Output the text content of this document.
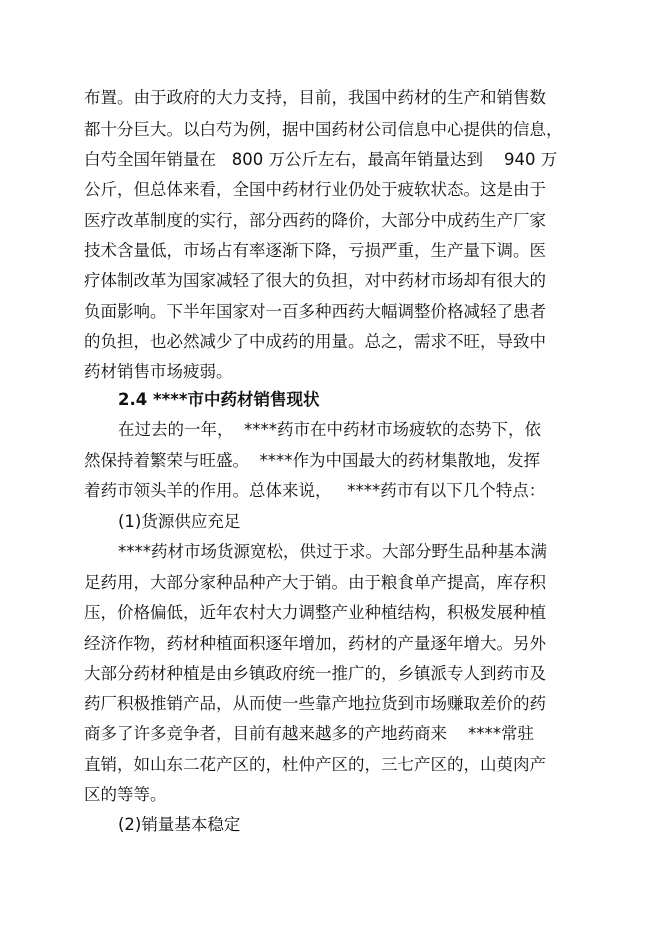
布置。由于政府的大力支持，目前，我国中药材的生产和销售数
都十分巨大。以白芍为例，据中国药材公司信息中心提供的信息，
白芍全国年销量在   800 万公斤左右，最高年销量达到    940 万
公斤，但总体来看，全国中药材行业仍处于疲软状态。这是由于
医疗改革制度的实行，部分西药的降价，大部分中成药生产厂家
技术含量低，市场占有率逐渐下降，亏损严重，生产量下调。医
疗体制改革为国家减轻了很大的负担，对中药材市场却有很大的
负面影响。下半年国家对一百多种西药大幅调整价格减轻了患者
的负担，也必然减少了中成药的用量。总之，需求不旺，导致中
药材销售市场疲弱。
2.4 ****市中药材销售现状
在过去的一年，  ****药市在中药材市场疲软的态势下，依
然保持着繁荣与旺盛。  ****作为中国最大的药材集散地，发挥
着药市领头羊的作用。总体来说，   ****药市有以下几个特点：
(1)货源供应充足
****药材市场货源宽松，供过于求。大部分野生品种基本满
足药用，大部分家种品种产大于销。由于粮食单产提高，库存积
压，价格偏低，近年农村大力调整产业种植结构，积极发展种植
经济作物，药材种植面积逐年增加，药材的产量逐年增大。另外
大部分药材种植是由乡镇政府统一推广的，乡镇派专人到药市及
药厂积极推销产品，从而使一些靠产地拉货到市场赚取差价的药
商多了许多竞争者，目前有越来越多的产地药商来    ****常驻
直销，如山东二花产区的，杜仲产区的，三七产区的，山萸肉产
区的等等。
(2)销量基本稳定
